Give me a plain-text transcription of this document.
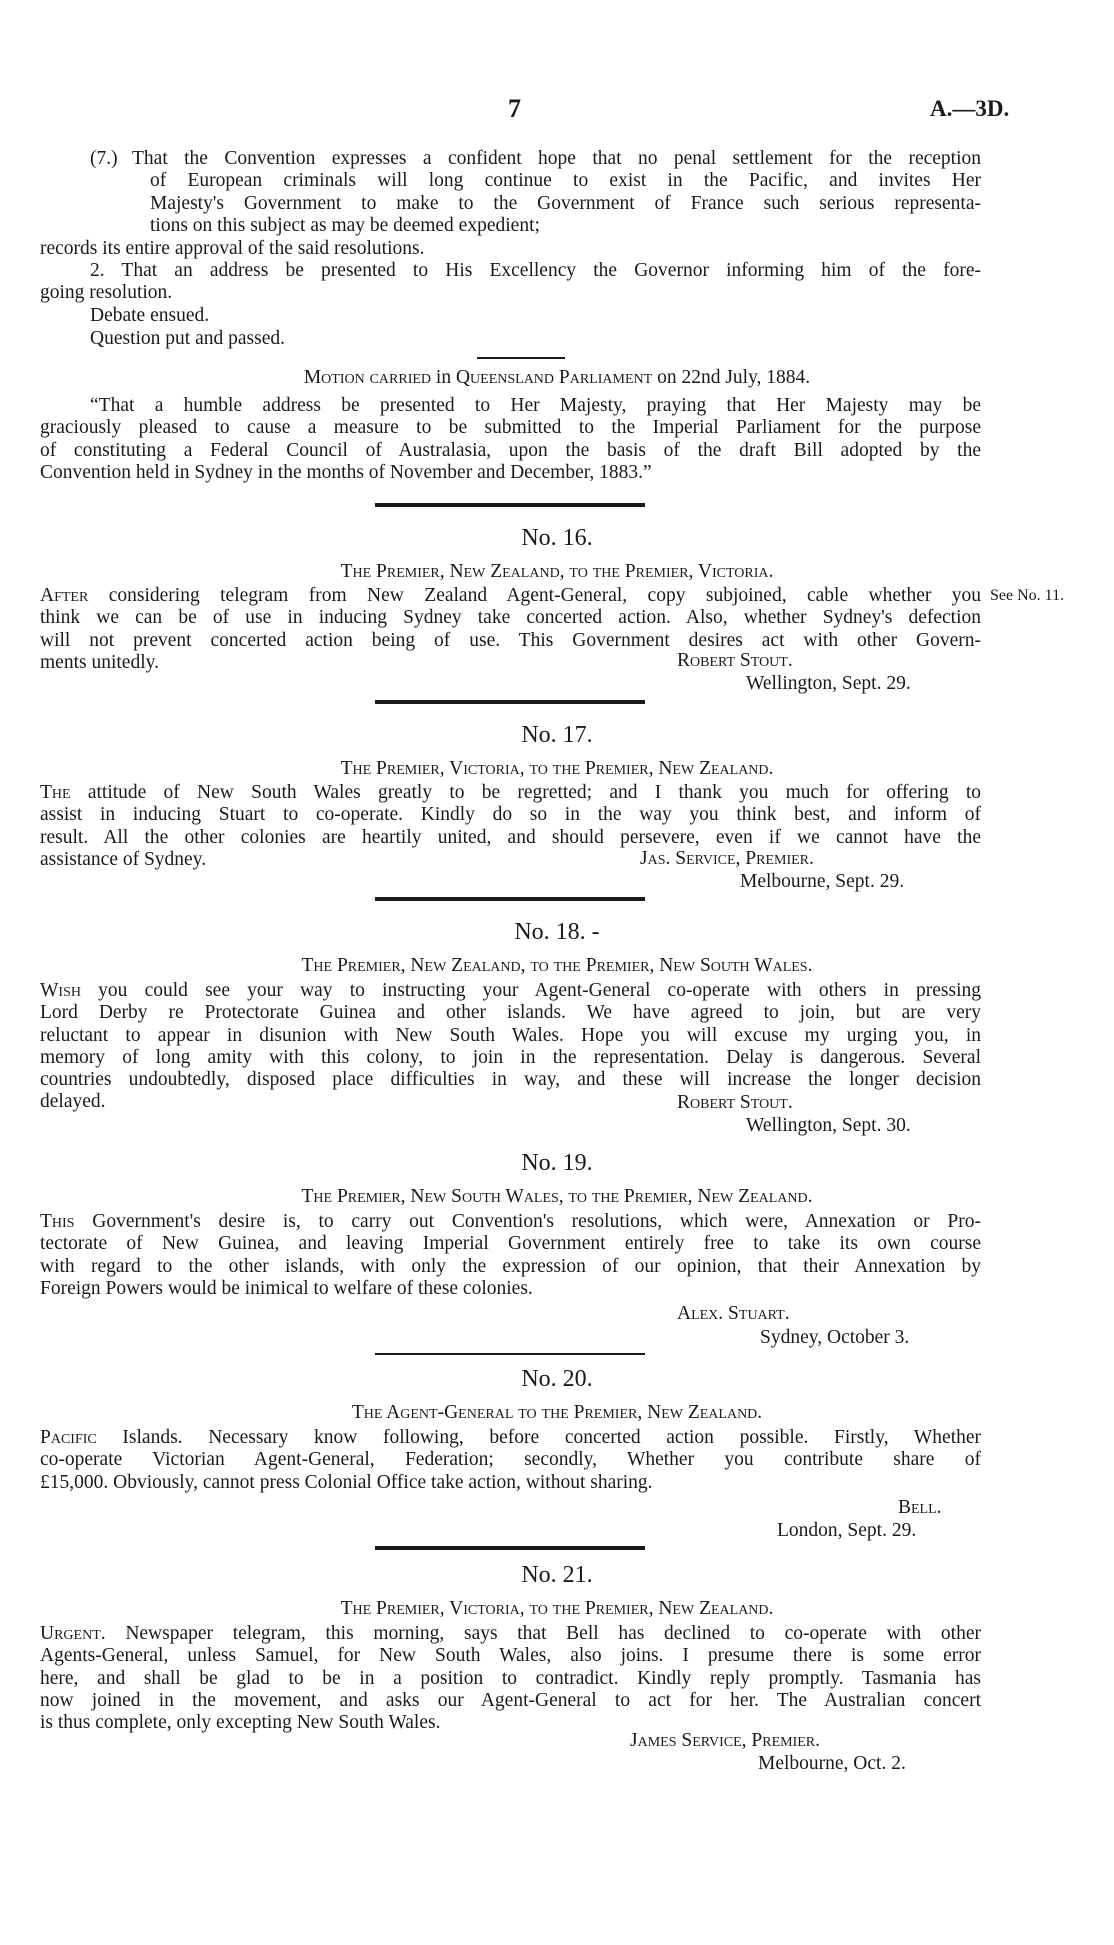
7	A.—3D.
(7.) That the Convention expresses a confident hope that no penal settlement for the reception
of European criminals will long continue to exist in the Pacific, and invites Her
Majesty's Government to make to the Government of France such serious representa-
tions on this subject as may be deemed expedient;
records its entire approval of the said resolutions.
2. That an address be presented to His Excellency the Governor informing him of the fore-
going resolution.
Debate ensued.
Question put and passed.
Motion carried in Queensland Parliament on 22nd July, 1884.
“That a humble address be presented to Her Majesty, praying that Her Majesty may be
graciously pleased to cause a measure to be submitted to the Imperial Parliament for the purpose
of constituting a Federal Council of Australasia, upon the basis of the draft Bill adopted by the
Convention held in Sydney in the months of November and December, 1883.”
No. 16.
The Premier, New Zealand, to the Premier, Victoria.
After considering telegram from New Zealand Agent-General, copy subjoined, cable whether you
think we can be of use in inducing Sydney take concerted action. Also, whether Sydney's defection
will not prevent concerted action being of use. This Government desires act with other Govern-
ments unitedly.
See No. 11.
Robert Stout.
Wellington, Sept. 29.
No. 17.
The Premier, Victoria, to the Premier, New Zealand.
The attitude of New South Wales greatly to be regretted; and I thank you much for offering to
assist in inducing Stuart to co-operate. Kindly do so in the way you think best, and inform of
result. All the other colonies are heartily united, and should persevere, even if we cannot have the
assistance of Sydney.	Jas. Service, Premier.
Melbourne, Sept. 29.
No. 18. -
The Premier, New Zealand, to the Premier, New South Wales.
Wish you could see your way to instructing your Agent-General co-operate with others in pressing
Lord Derby re Protectorate Guinea and other islands. We have agreed to join, but are very
reluctant to appear in disunion with New South Wales. Hope you will excuse my urging you, in
memory of long amity with this colony, to join in the representation. Delay is dangerous. Several
countries undoubtedly, disposed place difficulties in way, and these will increase the longer decision
delayed.	Robert Stout.
Wellington, Sept. 30.
No. 19.
The Premier, New South Wales, to the Premier, New Zealand.
This Government's desire is, to carry out Convention's resolutions, which were, Annexation or Pro-
tectorate of New Guinea, and leaving Imperial Government entirely free to take its own course
with regard to the other islands, with only the expression of our opinion, that their Annexation by
Foreign Powers would be inimical to welfare of these colonies.
Alex. Stuart.
Sydney, October 3.
No. 20.
The Agent-General to the Premier, New Zealand.
Pacific Islands. Necessary know following, before concerted action possible. Firstly, Whether
co-operate Victorian Agent-General, Federation; secondly, Whether you contribute share of
£15,000. Obviously, cannot press Colonial Office take action, without sharing.
Bell.
London, Sept. 29.
No. 21.
The Premier, Victoria, to the Premier, New Zealand.
Urgent. Newspaper telegram, this morning, says that Bell has declined to co-operate with other
Agents-General, unless Samuel, for New South Wales, also joins. I presume there is some error
here, and shall be glad to be in a position to contradict. Kindly reply promptly. Tasmania has
now joined in the movement, and asks our Agent-General to act for her. The Australian concert
is thus complete, only excepting New South Wales.
James Service, Premier.
Melbourne, Oct. 2.
